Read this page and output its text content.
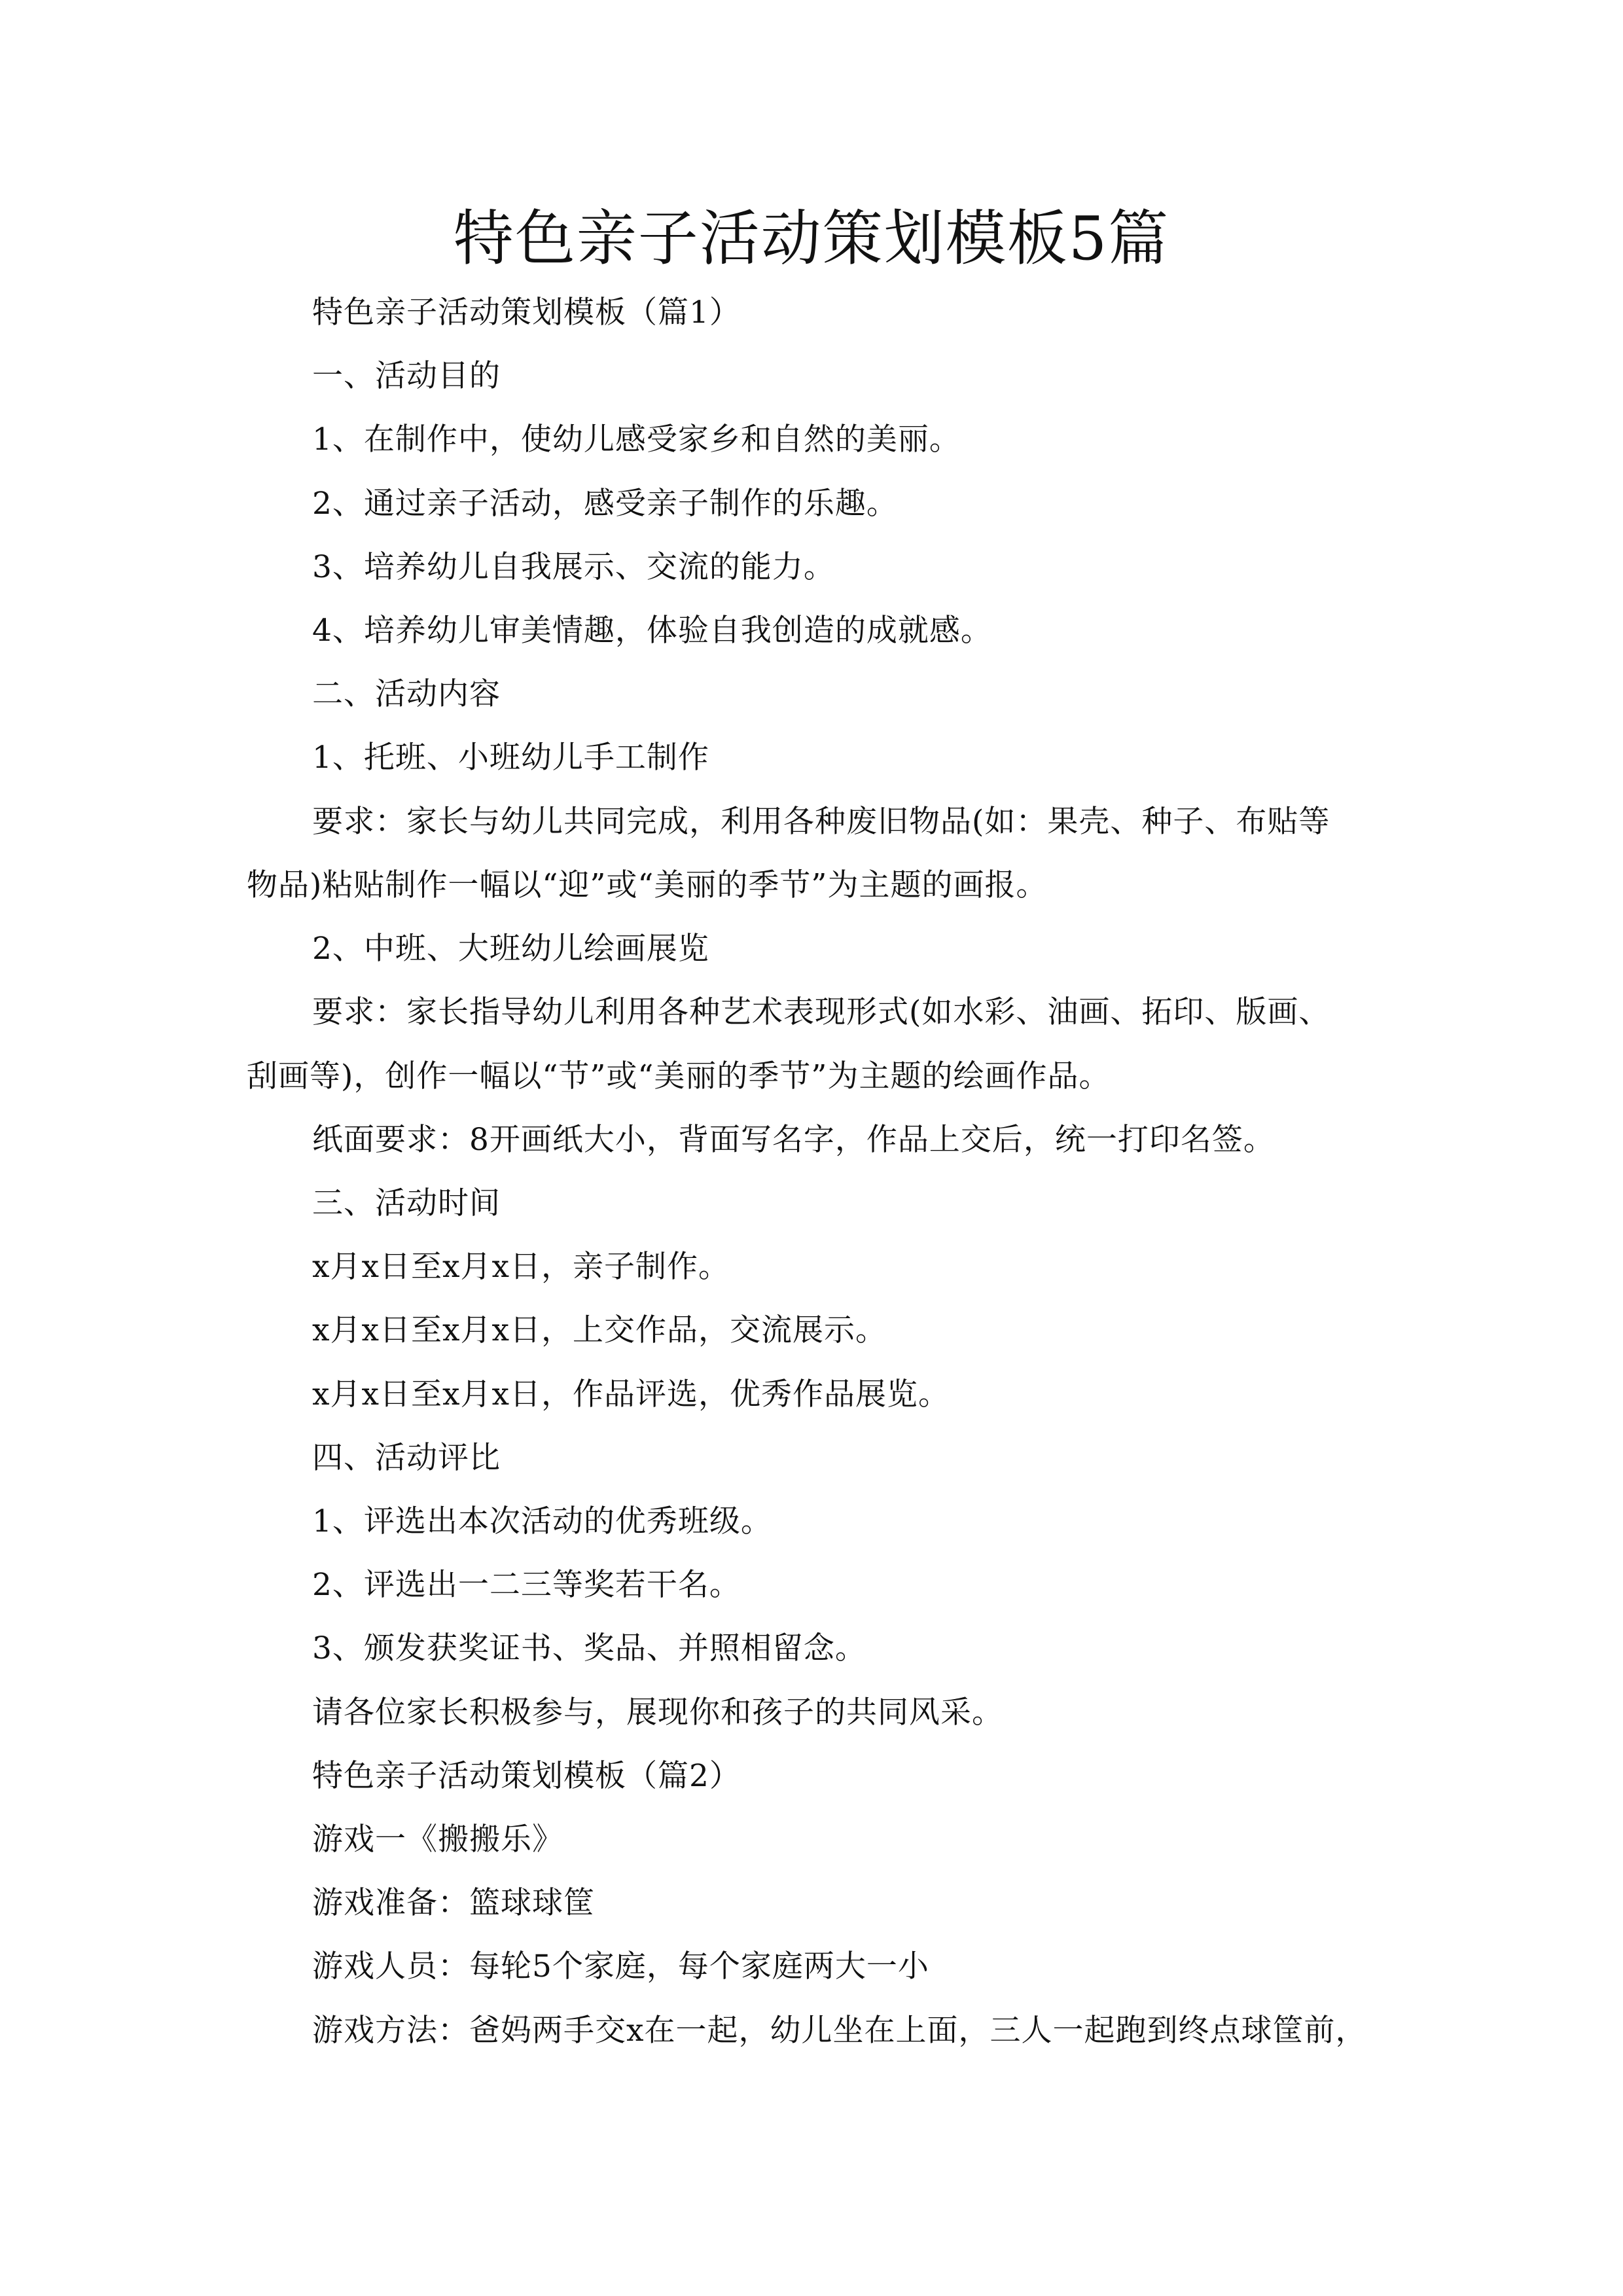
特色亲子活动策划模板5篇
特色亲子活动策划模板（篇1）
一、活动目的
1、在制作中，使幼儿感受家乡和自然的美丽。
2、通过亲子活动，感受亲子制作的乐趣。
3、培养幼儿自我展示、交流的能力。
4、培养幼儿审美情趣，体验自我创造的成就感。
二、活动内容
1、托班、小班幼儿手工制作
要求：家长与幼儿共同完成，利用各种废旧物品(如：果壳、种子、布贴等
物品)粘贴制作一幅以“迎”或“美丽的季节”为主题的画报。
2、中班、大班幼儿绘画展览
要求：家长指导幼儿利用各种艺术表现形式(如水彩、油画、拓印、版画、
刮画等)，创作一幅以“节”或“美丽的季节”为主题的绘画作品。
纸面要求：8开画纸大小，背面写名字，作品上交后，统一打印名签。
三、活动时间
x月x日至x月x日，亲子制作。
x月x日至x月x日，上交作品，交流展示。
x月x日至x月x日，作品评选，优秀作品展览。
四、活动评比
1、评选出本次活动的优秀班级。
2、评选出一二三等奖若干名。
3、颁发获奖证书、奖品、并照相留念。
请各位家长积极参与，展现你和孩子的共同风采。
特色亲子活动策划模板（篇2）
游戏一《搬搬乐》
游戏准备：篮球球筐
游戏人员：每轮5个家庭，每个家庭两大一小
游戏方法：爸妈两手交x在一起，幼儿坐在上面，三人一起跑到终点球筐前，
